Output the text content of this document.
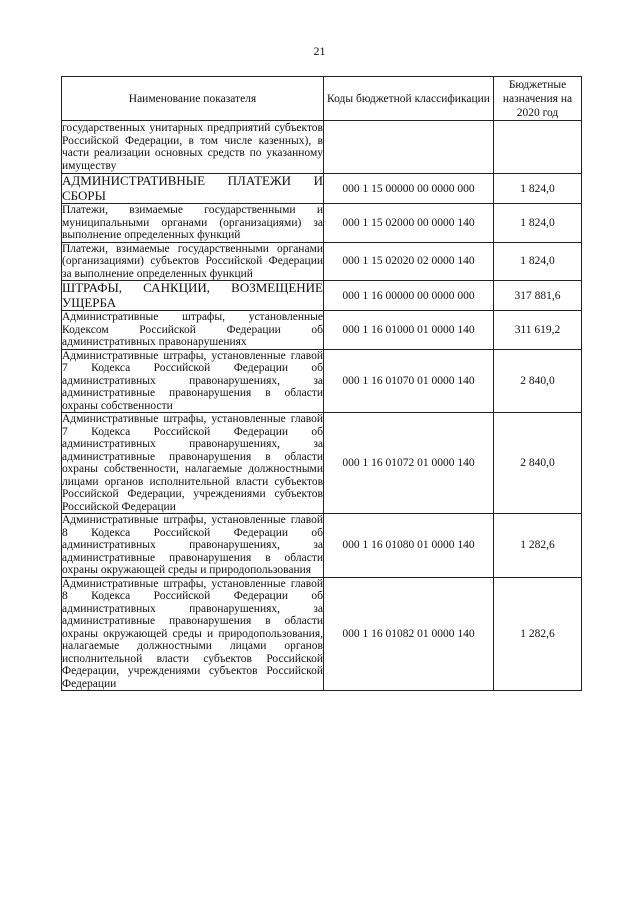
21
Наименование показателя	Коды бюджетной классификации	Бюджетные назначения на 2020 год
государственных унитарных предприятий субъектов Российской Федерации, в том числе казенных), в части реализации основных средств по указанному имуществу		
АДМИНИСТРАТИВНЫЕ ПЛАТЕЖИ И СБОРЫ	000 1 15 00000 00 0000 000	1 824,0
Платежи, взимаемые государственными и муниципальными органами (организациями) за выполнение определенных функций	000 1 15 02000 00 0000 140	1 824,0
Платежи, взимаемые государственными органами (организациями) субъектов Российской Федерации за выполнение определенных функций	000 1 15 02020 02 0000 140	1 824,0
ШТРАФЫ, САНКЦИИ, ВОЗМЕЩЕНИЕ УЩЕРБА	000 1 16 00000 00 0000 000	317 881,6
Административные штрафы, установленные Кодексом Российской Федерации об административных правонарушениях	000 1 16 01000 01 0000 140	311 619,2
Административные штрафы, установленные главой 7 Кодекса Российской Федерации об административных правонарушениях, за административные правонарушения в области охраны собственности	000 1 16 01070 01 0000 140	2 840,0
Административные штрафы, установленные главой 7 Кодекса Российской Федерации об административных правонарушениях, за административные правонарушения в области охраны собственности, налагаемые должностными лицами органов исполнительной власти субъектов Российской Федерации, учреждениями субъектов Российской Федерации	000 1 16 01072 01 0000 140	2 840,0
Административные штрафы, установленные главой 8 Кодекса Российской Федерации об административных правонарушениях, за административные правонарушения в области охраны окружающей среды и природопользования	000 1 16 01080 01 0000 140	1 282,6
Административные штрафы, установленные главой 8 Кодекса Российской Федерации об административных правонарушениях, за административные правонарушения в области охраны окружающей среды и природопользования, налагаемые должностными лицами органов исполнительной власти субъектов Российской Федерации, учреждениями субъектов Российской Федерации	000 1 16 01082 01 0000 140	1 282,6
